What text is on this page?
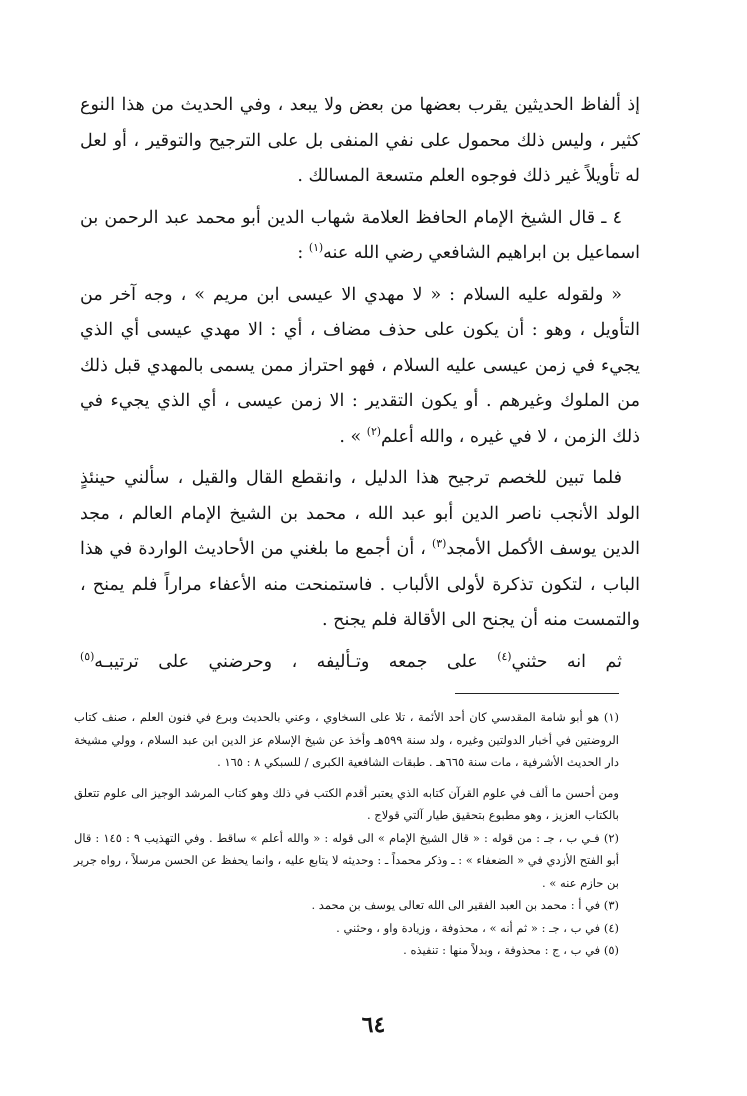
إذ ألفاظ الحديثين يقرب بعضها من بعض ولا يبعد ، وفي الحديث من هذا النوع كثير ، وليس ذلك محمول على نفي المنفى بل على الترجيح والتوقير ، أو لعل له تأويلاً غير ذلك فوجوه العلم متسعة المسالك .

٤ ـ قال الشيخ الإمام الحافظ العلامة شهاب الدين أبو محمد عبد الرحمن بن اسماعيل بن ابراهيم الشافعي رضي الله عنه$^{(١)}$ :

« ولقوله عليه السلام : « لا مهدي الا عيسى ابن مريم » ، وجه آخر من التأويل ، وهو : أن يكون على حذف مضاف ، أي : الا مهدي عيسى أي الذي يجيء في زمن عيسى عليه السلام ، فهو احتراز ممن يسمى بالمهدي قبل ذلك من الملوك وغيرهم . أو يكون التقدير : الا زمن عيسى ، أي الذي يجيء في ذلك الزمن ، لا في غيره ، والله أعلم$^{(٢)}$ » .

فلما تبين للخصم ترجيح هذا الدليل ، وانقطع القال والقيل ، سألني حينئذٍ الولد الأنجب ناصر الدين أبو عبد الله ، محمد بن الشيخ الإمام العالم ، مجد الدين يوسف الأكمل الأمجد$^{(٣)}$ ، أن أجمع ما بلغني من الأحاديث الواردة في هذا الباب ، لتكون تذكرة لأولى الألباب . فاستمنحت منه الأعفاء مراراً فلم يمنح ، والتمست منه أن يجنح الى الأقالة فلم يجنح .

ثم انه حثني$^{(٤)}$ على جمعه وتـأليفه ، وحرضني على ترتيبـه$^{(٥)}$

(١) هو أبو شامة المقدسي كان أحد الأئمة ، تلا على السخاوي ، وعني بالحديث وبرع في فنون العلم ، صنف كتاب الروضتين في أخبار الدولتين وغيره ، ولد سنة ٥٩٩هـ وأخذ عن شيخ الإسلام عز الدين ابن عبد السلام ، وولي مشيخة دار الحديث الأشرفية ، مات سنة ٦٦٥هـ . طبقات الشافعية الكبرى / للسبكي ٨ : ١٦٥ .

ومن أحسن ما ألف في علوم القرآن كتابه الذي يعتبر أقدم الكتب في ذلك وهو كتاب المرشد الوجيز الى علوم تتعلق بالكتاب العزيز ، وهو مطبوع بتحقيق طيار آلتي قولاج .

(٢) فـي ب ، جـ : من قوله : « قال الشيخ الإمام » الى قوله : « والله أعلم » ساقط . وفي التهذيب ٩ : ١٤٥ : قال أبو الفتح الأزدي في « الضعفاء » : ـ وذكر محمداً ـ : وحديثه لا يتابع عليه ، وانما يحفظ عن الحسن مرسلاً ، رواه جرير بن حازم عنه » .

(٣) في أ : محمد بن العبد الفقير الى الله تعالى يوسف بن محمد .

(٤) في ب ، جـ : « ثم أنه » ، محذوفة ، وزيادة واو ، وحثني .

(٥) في ب ، ج : محذوفة ، وبدلاً منها : تنفيذه .

٦٤
